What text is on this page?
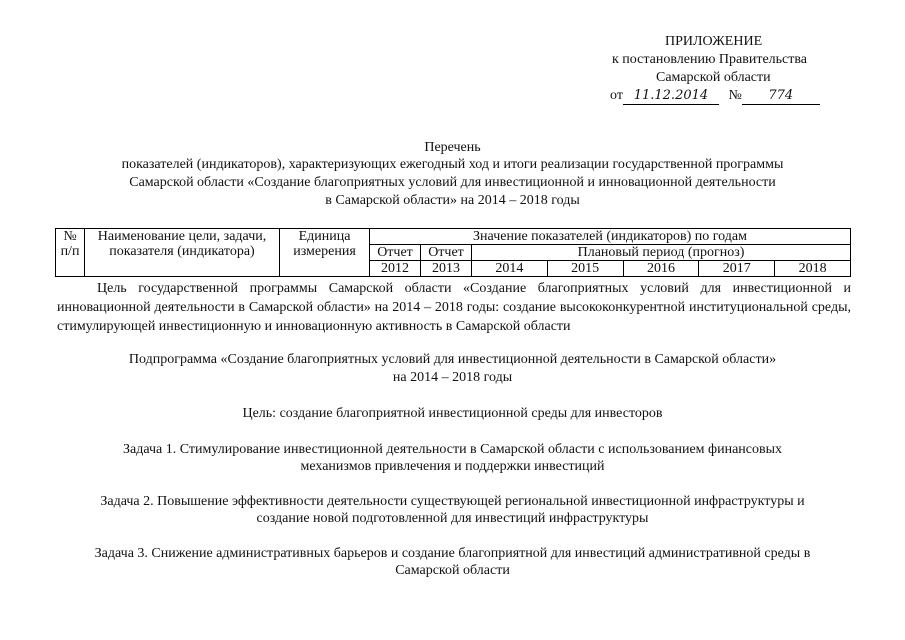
ПРИЛОЖЕНИЕ
к постановлению Правительства
Самарской области
от 11.12.2014 № 774
Перечень
показателей (индикаторов), характеризующих ежегодный ход и итоги реализации государственной программы
Самарской области «Создание благоприятных условий для инвестиционной и инновационной деятельности
в Самарской области» на 2014 – 2018 годы
№ п/п	Наименование цели, задачи, показателя (индикатора)	Единица измерения	Значение показателей (индикаторов) по годам						
			Отчет	Отчет	Плановый период (прогноз)				
			2012	2013	2014	2015	2016	2017	2018
Цель государственной программы Самарской области «Создание благоприятных условий для инвестиционной и инновационной деятельности в Самарской области» на 2014 – 2018 годы: создание высококонкурентной институциональной среды, стимулирующей инвестиционную и инновационную активность в Самарской области
Подпрограмма «Создание благоприятных условий для инвестиционной деятельности в Самарской области»
на 2014 – 2018 годы
Цель: создание благоприятной инвестиционной среды для инвесторов
Задача 1. Стимулирование инвестиционной деятельности в Самарской области с использованием финансовых
механизмов привлечения и поддержки инвестиций
Задача 2. Повышение эффективности деятельности существующей региональной инвестиционной инфраструктуры и
создание новой подготовленной для инвестиций инфраструктуры
Задача 3. Снижение административных барьеров и создание благоприятной для инвестиций административной среды в
Самарской области
